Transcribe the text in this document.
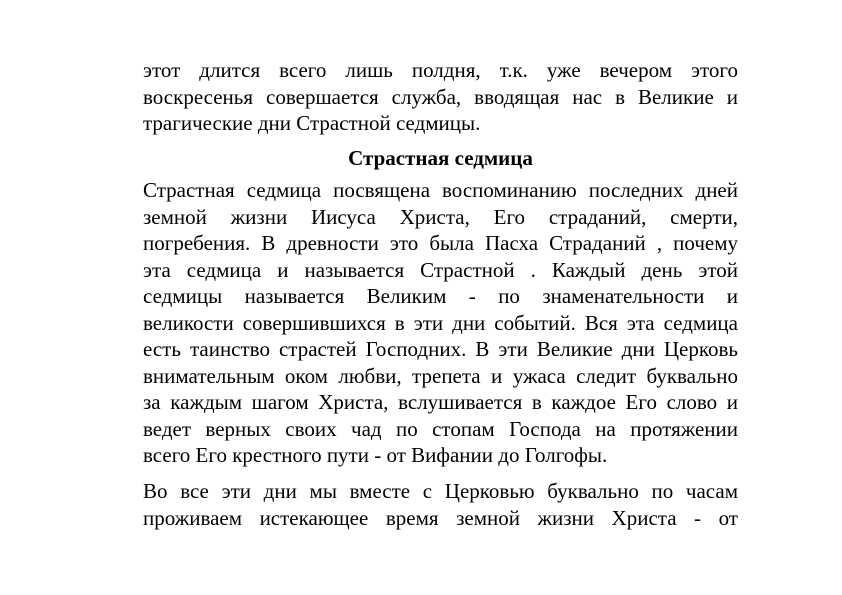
этот длится всего лишь полдня, т.к. уже вечером этого
воскресенья совершается служба, вводящая нас в Великие и
трагические дни Страстной седмицы.

Страстная седмица

Страстная седмица посвящена воспоминанию последних дней
земной жизни Иисуса Христа, Его страданий, смерти,
погребения. В древности это была Пасха Страданий , почему
эта седмица и называется Страстной . Каждый день этой
седмицы называется Великим - по знаменательности и
великости совершившихся в эти дни событий. Вся эта седмица
есть таинство страстей Господних. В эти Великие дни Церковь
внимательным оком любви, трепета и ужаса следит буквально
за каждым шагом Христа, вслушивается в каждое Его слово и
ведет верных своих чад по стопам Господа на протяжении
всего Его крестного пути - от Вифании до Голгофы.

Во все эти дни мы вместе с Церковью буквально по часам
проживаем истекающее время земной жизни Христа - от
